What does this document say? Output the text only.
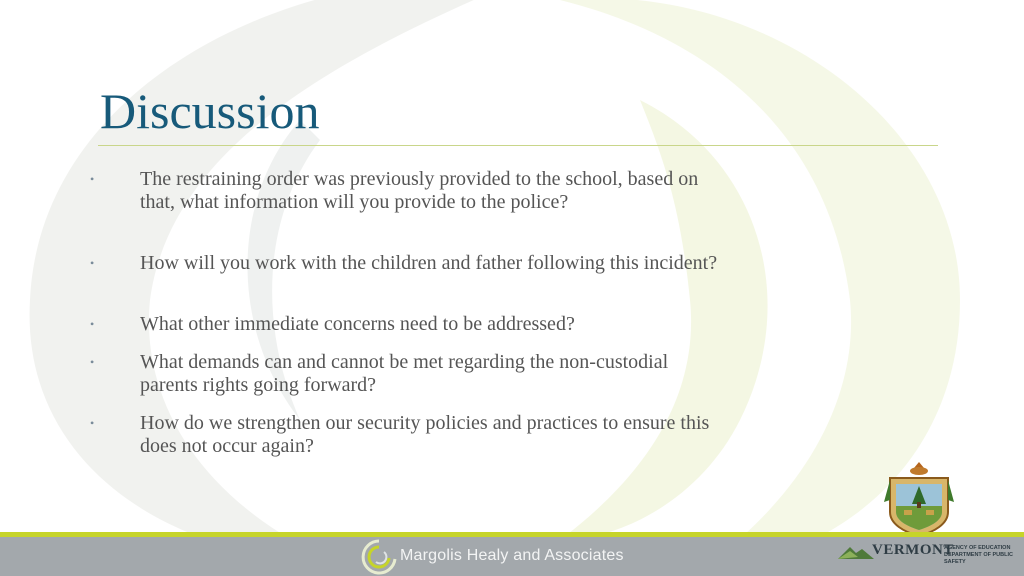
Discussion
• The restraining order was previously provided to the school, based on that, what information will you provide to the police?
• How will you work with the children and father following this incident?
• What other immediate concerns need to be addressed?
• What demands can and cannot be met regarding the non-custodial parents rights going forward?
• How do we strengthen our security policies and practices to ensure this does not occur again?
Margolis Healy and Associates	VERMONT
AGENCY OF EDUCATION
DEPARTMENT OF PUBLIC SAFETY
